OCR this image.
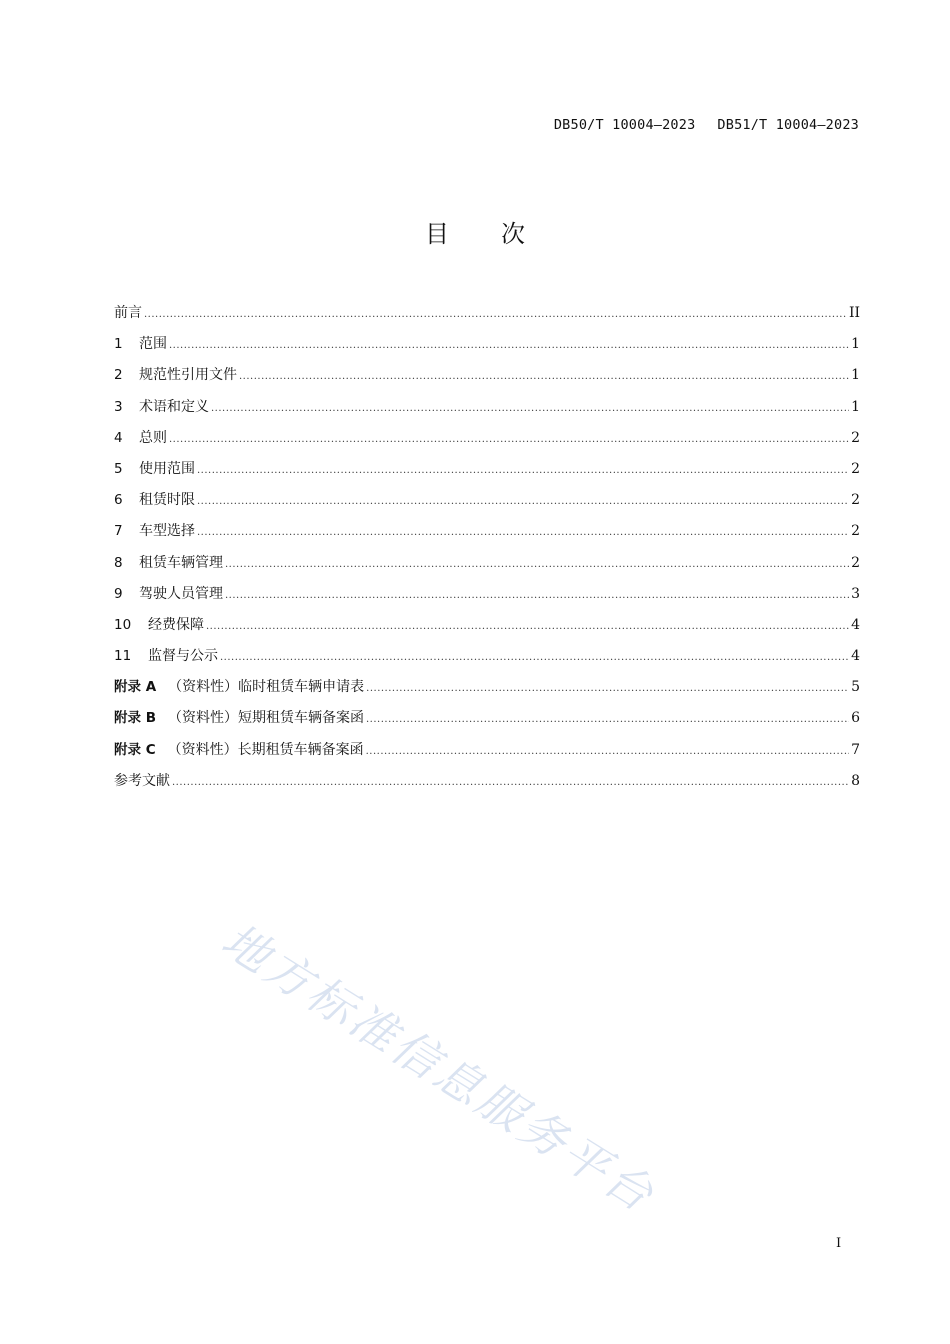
DB50/T 10004—2023 DB51/T 10004—2023
目次
前言 .....	II
1	范围 .....	1
2	规范性引用文件 .....	1
3	术语和定义 .....	1
4	总则 .....	2
5	使用范围 .....	2
6	租赁时限 .....	2
7	车型选择 .....	2
8	租赁车辆管理 .....	2
9	驾驶人员管理 .....	3
10	经费保障 .....	4
11	监督与公示 .....	4
附录 A （资料性）临时租赁车辆申请表 .....	5
附录 B （资料性）短期租赁车辆备案函 .....	6
附录 C （资料性）长期租赁车辆备案函 .....	7
参考文献 .....	8
地方标准信息服务平台
I
